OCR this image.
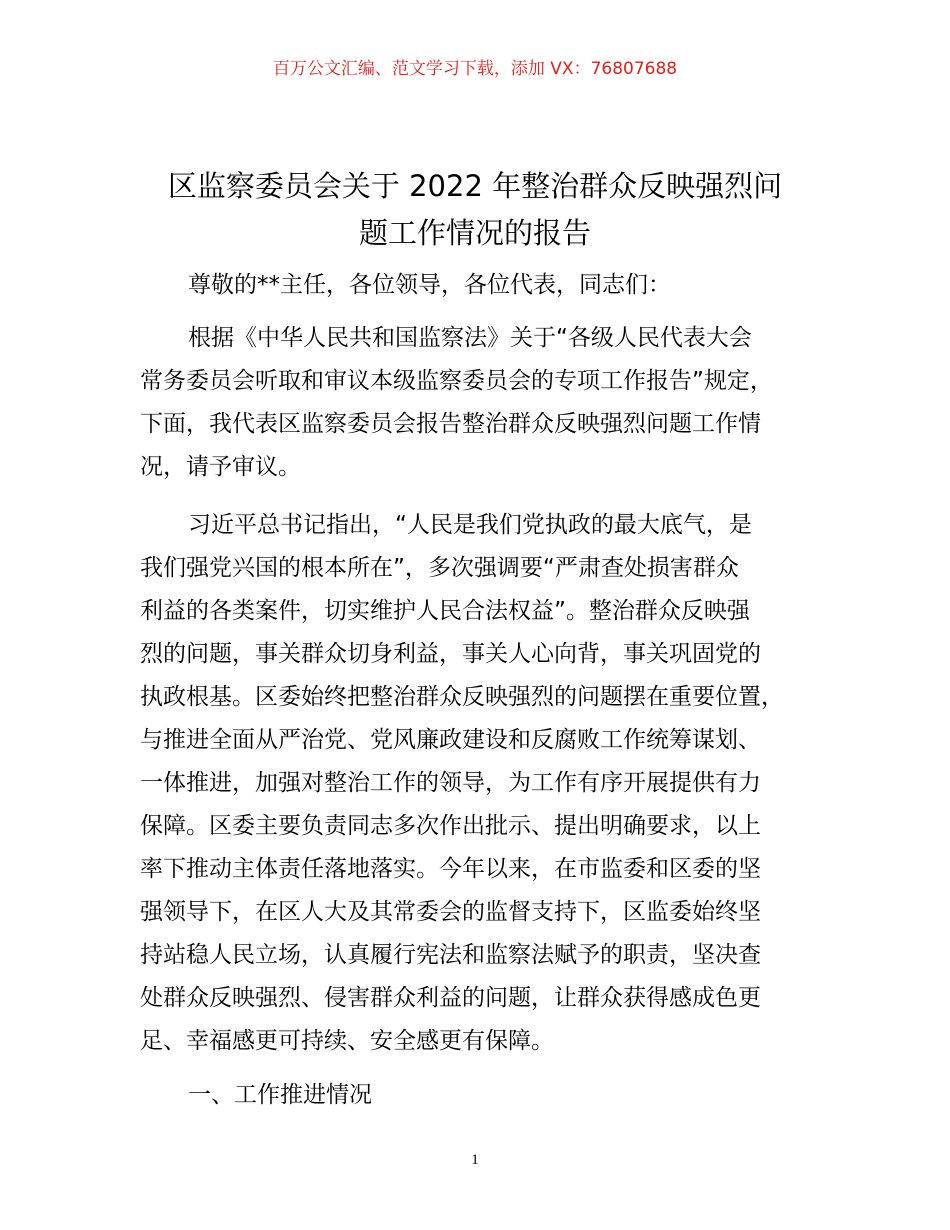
百万公文汇编、范文学习下载，添加 VX：76807688
区监察委员会关于 2022 年整治群众反映强烈问
题工作情况的报告
尊敬的**主任，各位领导，各位代表，同志们：
根据《中华人民共和国监察法》关于“各级人民代表大会
常务委员会听取和审议本级监察委员会的专项工作报告”规定，
下面，我代表区监察委员会报告整治群众反映强烈问题工作情
况，请予审议。
习近平总书记指出，“人民是我们党执政的最大底气，是
我们强党兴国的根本所在”，多次强调要“严肃查处损害群众
利益的各类案件，切实维护人民合法权益”。整治群众反映强
烈的问题，事关群众切身利益，事关人心向背，事关巩固党的
执政根基。区委始终把整治群众反映强烈的问题摆在重要位置，
与推进全面从严治党、党风廉政建设和反腐败工作统筹谋划、
一体推进，加强对整治工作的领导，为工作有序开展提供有力
保障。区委主要负责同志多次作出批示、提出明确要求，以上
率下推动主体责任落地落实。今年以来，在市监委和区委的坚
强领导下，在区人大及其常委会的监督支持下，区监委始终坚
持站稳人民立场，认真履行宪法和监察法赋予的职责，坚决查
处群众反映强烈、侵害群众利益的问题，让群众获得感成色更
足、幸福感更可持续、安全感更有保障。
一、工作推进情况
1
